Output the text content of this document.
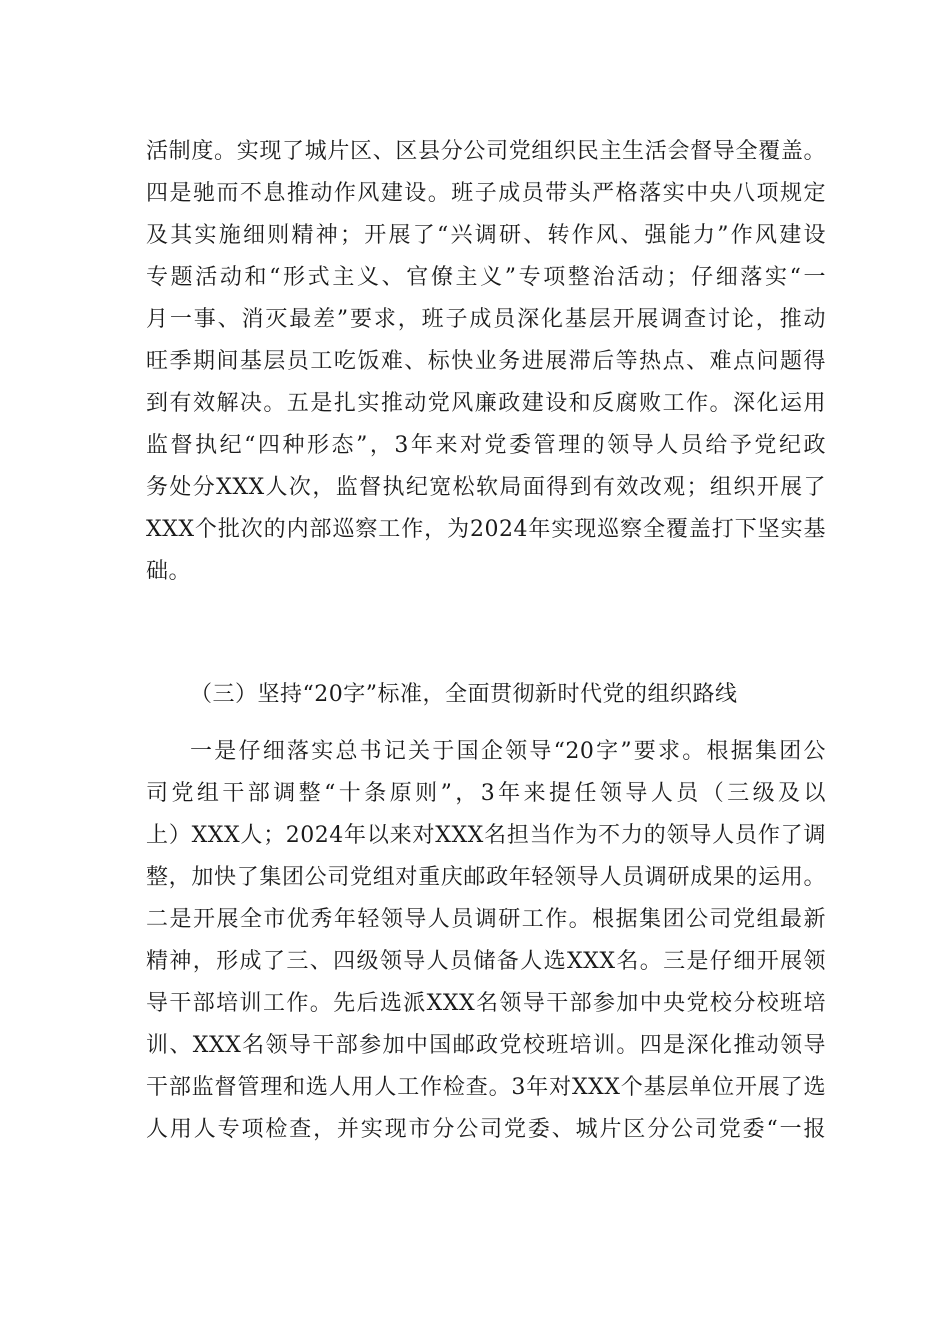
活制度。实现了城片区、区县分公司党组织民主生活会督导全覆盖。
四是驰而不息推动作风建设。班子成员带头严格落实中央八项规定
及其实施细则精神；开展了“兴调研、转作风、强能力”作风建设
专题活动和“形式主义、官僚主义”专项整治活动；仔细落实“一
月一事、消灭最差”要求，班子成员深化基层开展调查讨论，推动
旺季期间基层员工吃饭难、标快业务进展滞后等热点、难点问题得
到有效解决。五是扎实推动党风廉政建设和反腐败工作。深化运用
监督执纪“四种形态”，3年来对党委管理的领导人员给予党纪政
务处分XXX人次，监督执纪宽松软局面得到有效改观；组织开展了
XXX个批次的内部巡察工作，为2024年实现巡察全覆盖打下坚实基
础。
（三）坚持“20字”标准，全面贯彻新时代党的组织路线
一是仔细落实总书记关于国企领导“20字”要求。根据集团公
司党组干部调整“十条原则”，3年来提任领导人员（三级及以
上）XXX人；2024年以来对XXX名担当作为不力的领导人员作了调
整，加快了集团公司党组对重庆邮政年轻领导人员调研成果的运用。
二是开展全市优秀年轻领导人员调研工作。根据集团公司党组最新
精神，形成了三、四级领导人员储备人选XXX名。三是仔细开展领
导干部培训工作。先后选派XXX名领导干部参加中央党校分校班培
训、XXX名领导干部参加中国邮政党校班培训。四是深化推动领导
干部监督管理和选人用人工作检查。3年对XXX个基层单位开展了选
人用人专项检查，并实现市分公司党委、城片区分公司党委“一报
